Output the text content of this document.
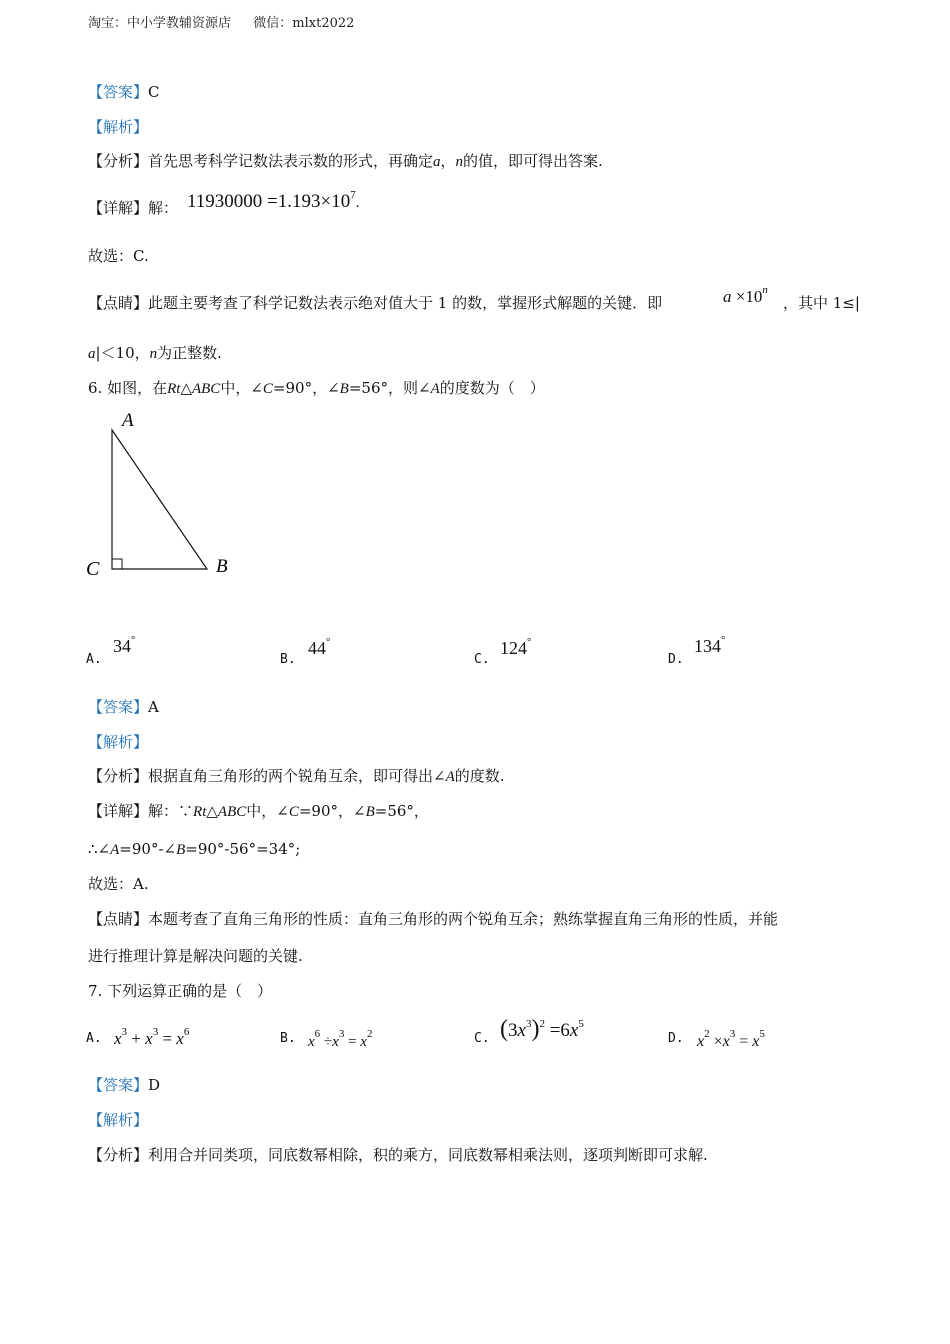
淘宝：中小学教辅资源店 微信：mlxt2022
【答案】C
【解析】
【分析】首先思考科学记数法表示数的形式，再确定a，n的值，即可得出答案.
【详解】解： $11930000 =1.193\times 10^7$.
故选：C.
【点睛】此题主要考查了科学记数法表示绝对值大于 1 的数，掌握形式解题的关键．即	$a \times 10^n$
，其中 1≤|
a|＜10，n为正整数.
6. 如图，在Rt△ABC中，∠C=90°，∠B=56°，则∠A的度数为（　）
A
B
C
A.
34°
B.
44°
C.
124°
D.
134°
【答案】A
【解析】
【分析】根据直角三角形的两个锐角互余，即可得出∠A的度数.
【详解】解：∵Rt△ABC中，∠C=90°，∠B=56°，
∴∠A=90°-∠B=90°-56°=34°;
故选：A.
【点睛】本题考查了直角三角形的性质：直角三角形的两个锐角互余；熟练掌握直角三角形的性质，并能
进行推理计算是解决问题的关键.
7. 下列运算正确的是（　）
A. $x^3 + x^3 = x^6$	B. $x^6 \div x^3 = x^2$	C. $(3x^3)^2 =6x^5$
D. $x^2 \times x^3 = x^5$
【答案】D
【解析】
【分析】利用合并同类项，同底数幂相除，积的乘方，同底数幂相乘法则，逐项判断即可求解.
